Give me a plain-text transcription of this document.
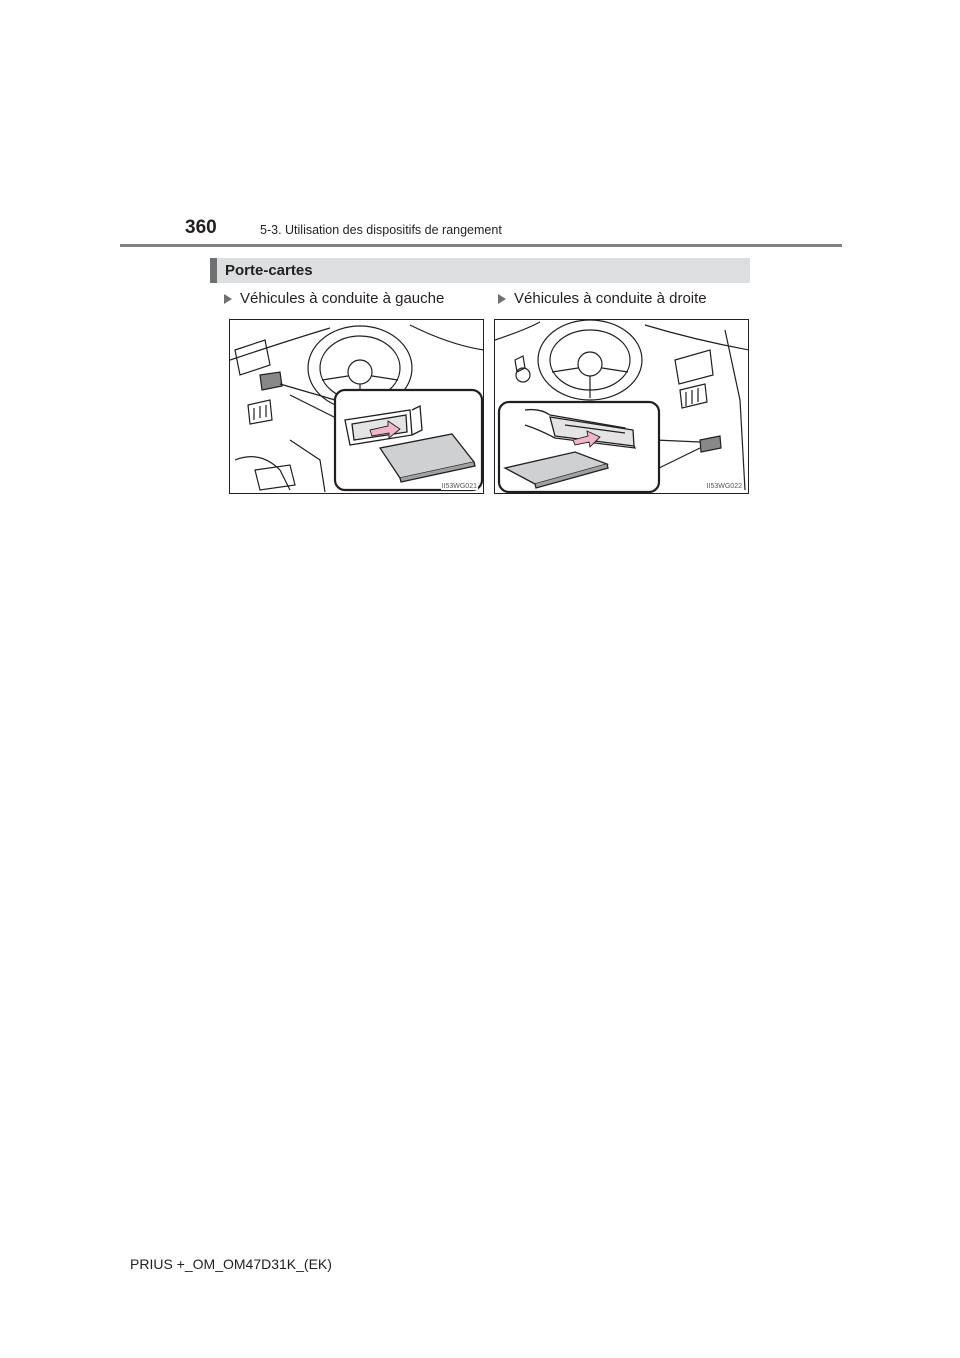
360	5-3. Utilisation des dispositifs de rangement
Porte-cartes
Véhicules à conduite à gauche	Véhicules à conduite à droite
II53WG021	II53WG022
PRIUS +_OM_OM47D31K_(EK)
